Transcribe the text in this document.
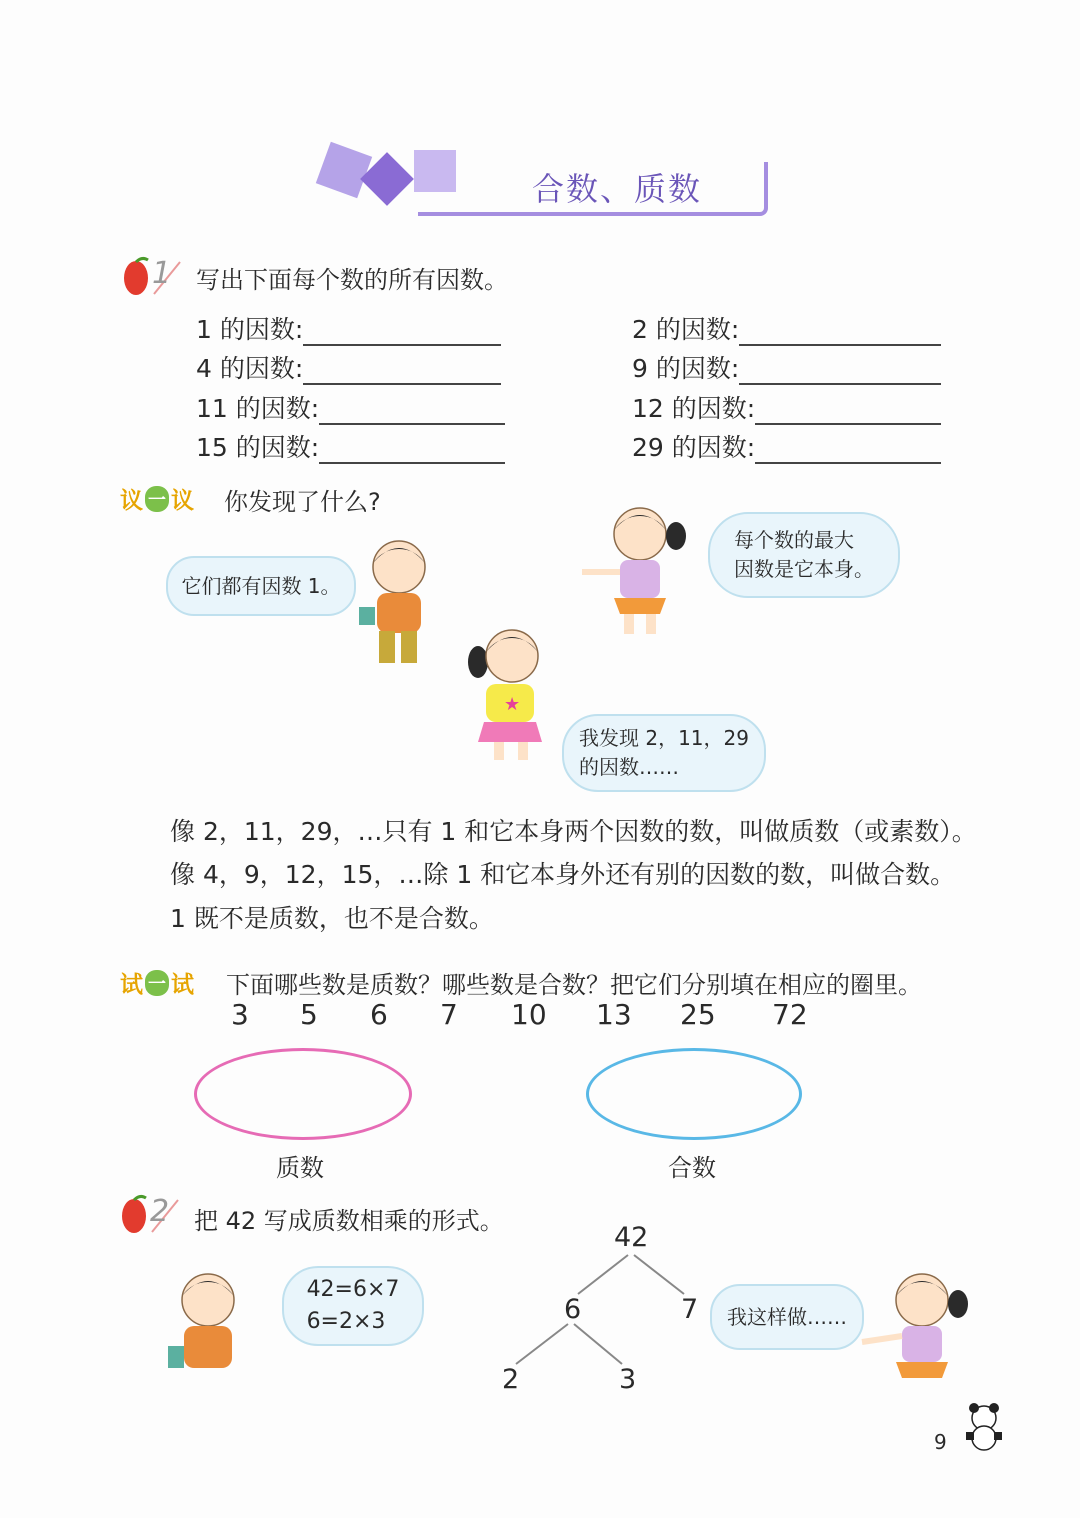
合数、质数
1 写出下面每个数的所有因数。
1 的因数:	2 的因数:
4 的因数:	9 的因数:
11 的因数:	12 的因数:
15 的因数:	29 的因数:
议 一 议 你发现了什么?
它们都有因数 1。
每个数的最大
因数是它本身。
★
我发现 2，11，29
的因数……
像 2，11，29，…只有 1 和它本身两个因数的数，叫做质数（或素数）。
像 4，9，12，15，…除 1 和它本身外还有别的因数的数，叫做合数。
1 既不是质数，也不是合数。
试 一 试 下面哪些数是质数？哪些数是合数？把它们分别填在相应的圈里。
3 5 6 7 10 13 25 72
质数	合数
2 把 42 写成质数相乘的形式。
42=6×7
6=2×3
42
6	7
2	3
我这样做……
9
